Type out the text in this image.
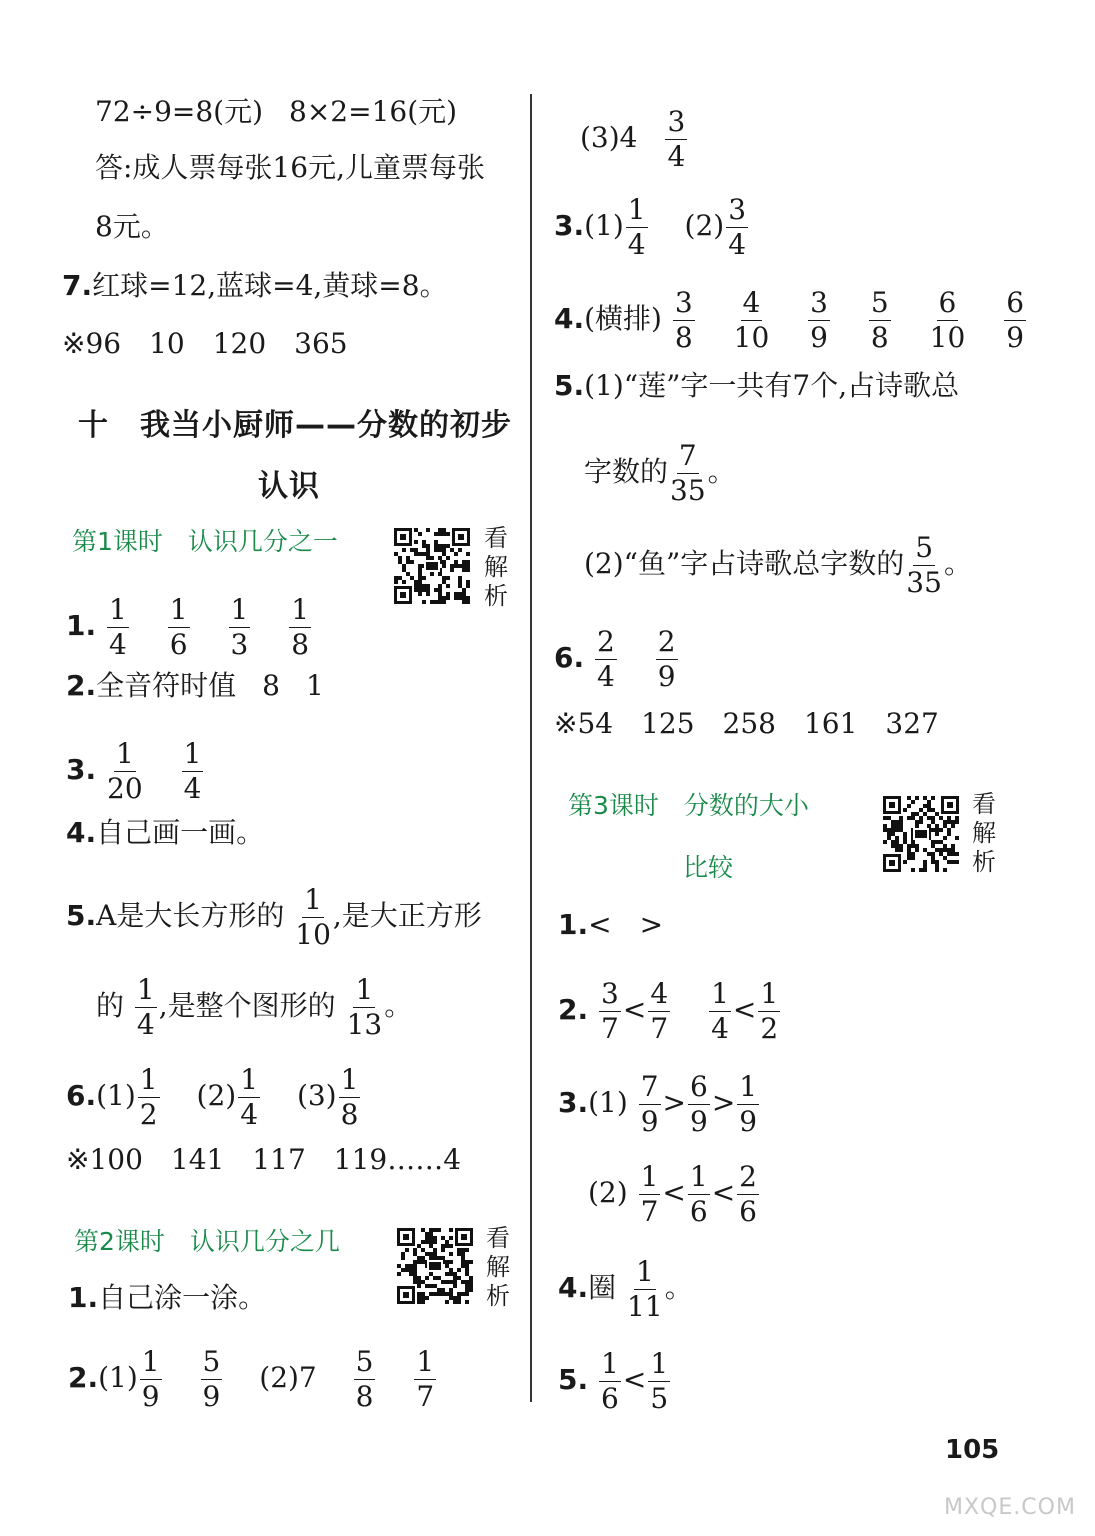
72÷9=8(元) 8×2=16(元)
答:成人票每张16元,儿童票每张
8元。
7.红球=12,蓝球=4,黄球=8。
※96　10　120　365
十　我当小厨师——分数的初步
认识
第1课时　认识几分之一	看
解
析
1. $\frac{1}{4}$
$\frac{1}{6}$
$\frac{1}{3}$
$\frac{1}{8}$
2.全音符时值 8 1
3. $\frac{1}{20}$
$\frac{1}{4}$
4.自己画一画。
5.A是大长方形的 $\frac{1}{10}$ ,是大正方形
的 $\frac{1}{4}$ ,是整个图形的 $\frac{1}{13}$ 。
$6.(1) \frac{1}{2} (2) \frac{1}{4} (3) \frac{1}{8}$
※100　141　117　119……4
第2课时　认识几分之几	看
解
析
1.自己涂一涂。
$2.(1) \frac{1}{9}$
$\frac{5}{9} (2)7 \frac{5}{8}$
$\frac{1}{7}$
$(3)4 \frac{3}{4}$
$3.(1) \frac{1}{4} (2) \frac{3}{4}$
4.(横排) $\frac{3}{8}$
$\frac{4}{10}$
$\frac{3}{9}$
$\frac{5}{8}$
$\frac{6}{10}$
$\frac{6}{9}$
5.(1)“莲”字一共有7个,占诗歌总
字数的 $\frac{7}{35}$ 。
(2)“鱼”字占诗歌总字数的 $\frac{5}{35}$ 。
6. $\frac{2}{4}$
$\frac{2}{9}$
※54　125　258　161　327
第3课时　分数的大小
比较
看
解
析
1.<　>
2. $\frac{3}{7} < \frac{4}{7}$
$\frac{1}{4} < \frac{1}{2}$
$3.(1) \frac{7}{9} > \frac{6}{9} > \frac{1}{9}$
$(2) \frac{1}{7} < \frac{1}{6} < \frac{2}{6}$
4.圈 $\frac{1}{11}$ 。
5. $\frac{1}{6} < \frac{1}{5}$
105
MXQE.COM
